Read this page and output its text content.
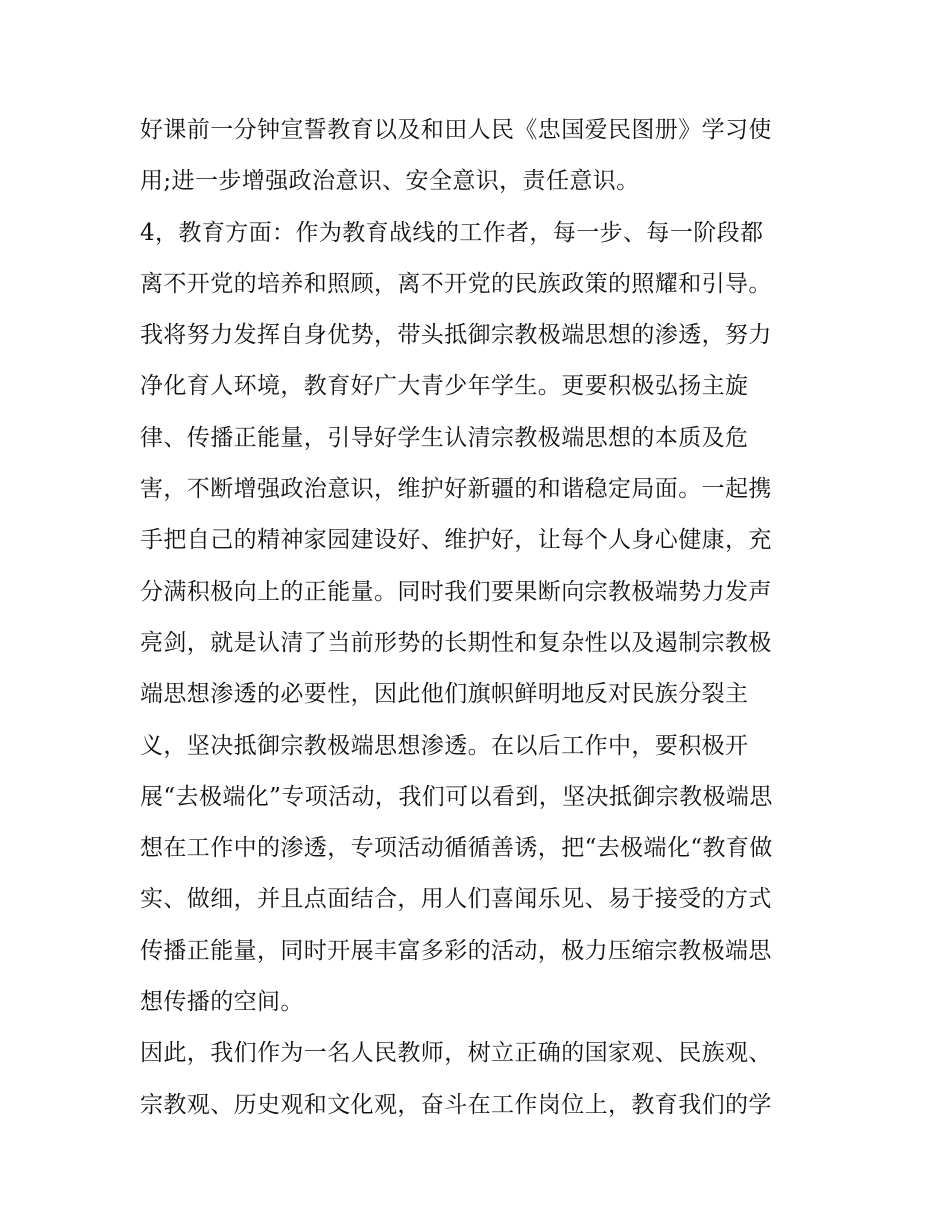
好课前一分钟宣誓教育以及和田人民《忠国爱民图册》学习使
用;进一步增强政治意识、安全意识，责任意识。
4，教育方面：作为教育战线的工作者，每一步、每一阶段都
离不开党的培养和照顾，离不开党的民族政策的照耀和引导。
我将努力发挥自身优势，带头抵御宗教极端思想的渗透，努力
净化育人环境，教育好广大青少年学生。更要积极弘扬主旋
律、传播正能量，引导好学生认清宗教极端思想的本质及危
害，不断增强政治意识，维护好新疆的和谐稳定局面。一起携
手把自己的精神家园建设好、维护好，让每个人身心健康，充
分满积极向上的正能量。同时我们要果断向宗教极端势力发声
亮剑，就是认清了当前形势的长期性和复杂性以及遏制宗教极
端思想渗透的必要性，因此他们旗帜鲜明地反对民族分裂主
义，坚决抵御宗教极端思想渗透。在以后工作中，要积极开
展“去极端化”专项活动，我们可以看到，坚决抵御宗教极端思
想在工作中的渗透，专项活动循循善诱，把“去极端化“教育做
实、做细，并且点面结合，用人们喜闻乐见、易于接受的方式
传播正能量，同时开展丰富多彩的活动，极力压缩宗教极端思
想传播的空间。
因此，我们作为一名人民教师，树立正确的国家观、民族观、
宗教观、历史观和文化观，奋斗在工作岗位上，教育我们的学
